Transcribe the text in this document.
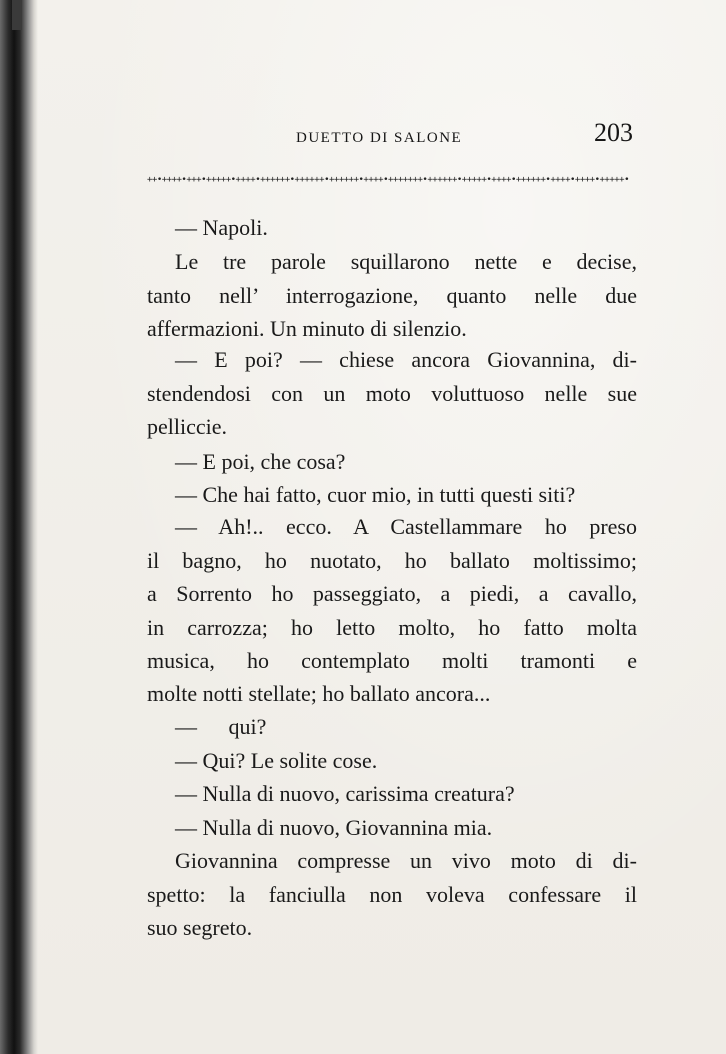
DUETTO DI SALONE	203
++•++++•+++•+++++•++++•++++++•++++++•++++++•++++•+++++++•++++++•+++++•++++•++++++•++++•++++•+++++•
— Napoli.
Le tre parole squillarono nette e decise,
tanto nell’ interrogazione, quanto nelle due
affermazioni. Un minuto di silenzio.
— E poi? — chiese ancora Giovannina, di-
stendendosi con un moto voluttuoso nelle sue
pelliccie.
— E poi, che cosa?
— Che hai fatto, cuor mio, in tutti questi siti?
— Ah!.. ecco. A Castellammare ho preso
il bagno, ho nuotato, ho ballato moltissimo;
a Sorrento ho passeggiato, a piedi, a cavallo,
in carrozza; ho letto molto, ho fatto molta
musica, ho contemplato molti tramonti e
molte notti stellate; ho ballato ancora...
— qui?
— Qui? Le solite cose.
— Nulla di nuovo, carissima creatura?
— Nulla di nuovo, Giovannina mia.
Giovannina compresse un vivo moto di di-
spetto: la fanciulla non voleva confessare il
suo segreto.
